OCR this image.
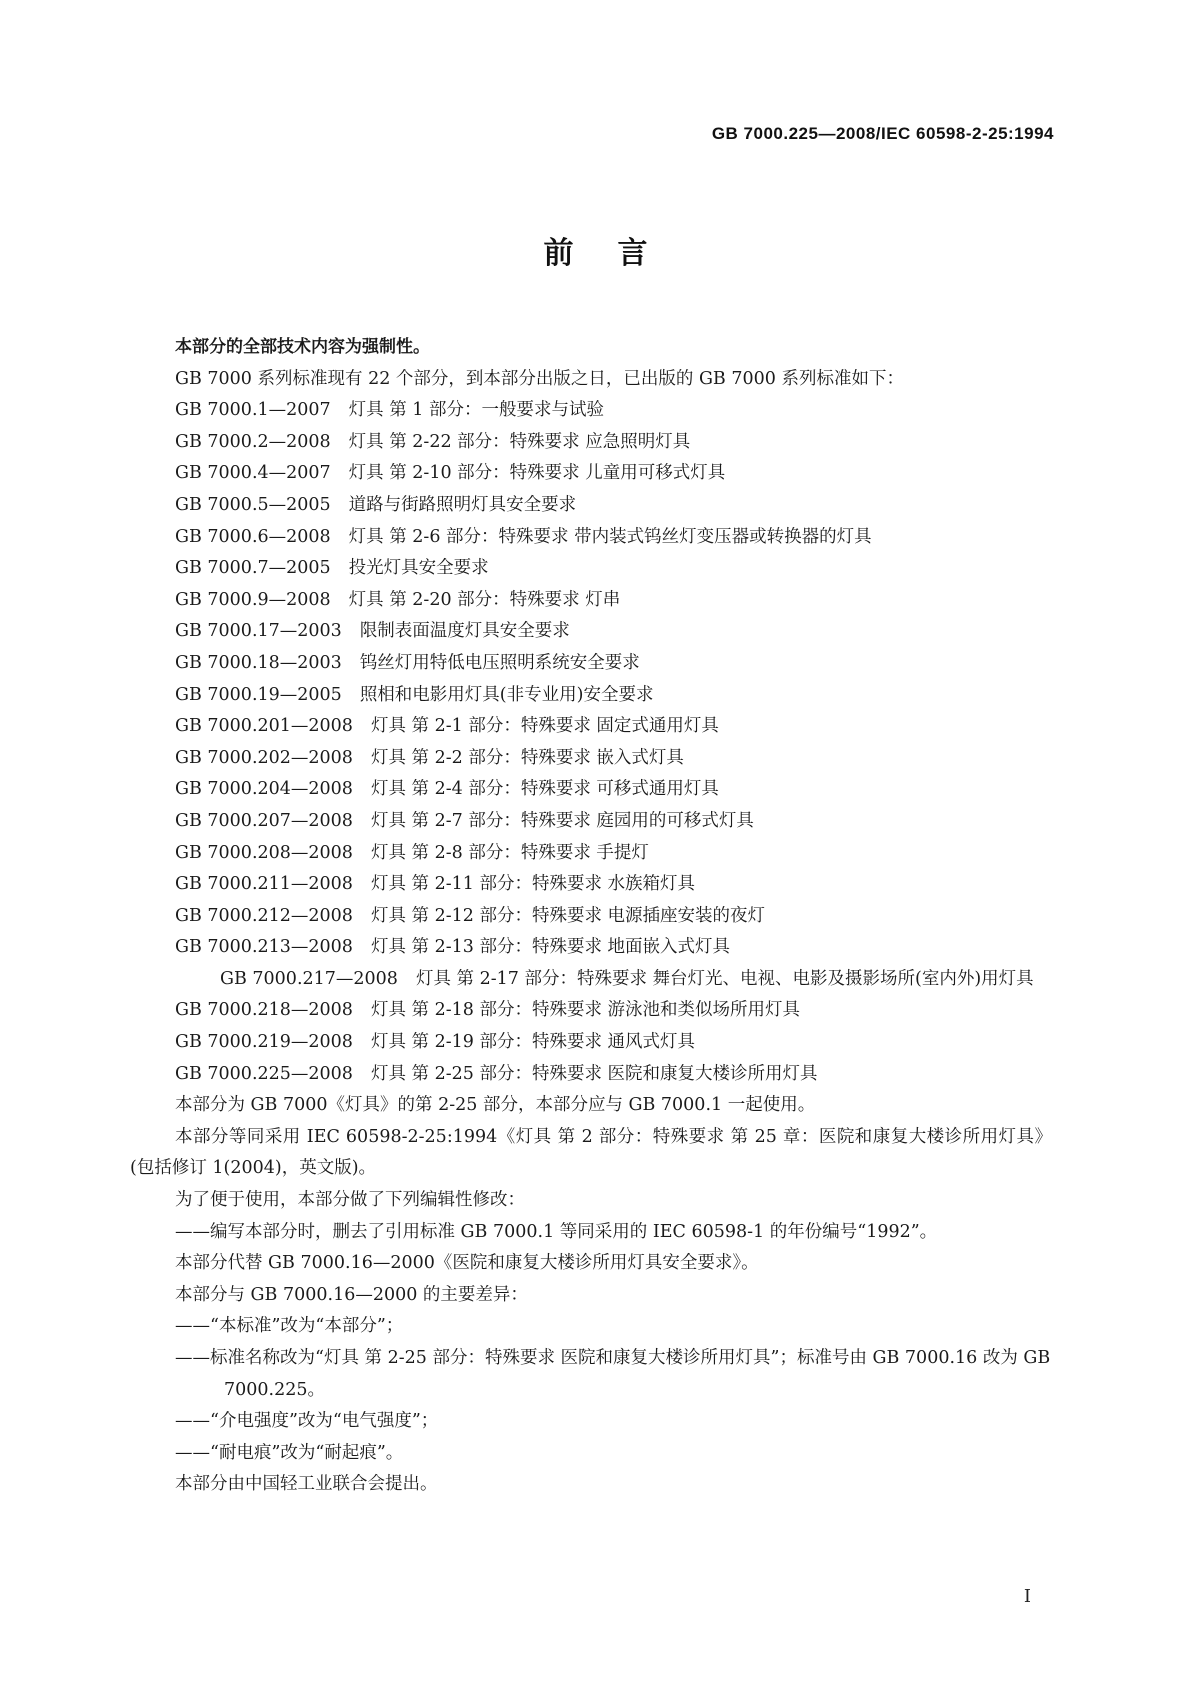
GB 7000.225—2008/IEC 60598-2-25:1994
前言

本部分的全部技术内容为强制性。

GB 7000 系列标准现有 22 个部分，到本部分出版之日，已出版的 GB 7000 系列标准如下：

GB 7000.1—2007 灯具 第 1 部分：一般要求与试验

GB 7000.2—2008 灯具 第 2-22 部分：特殊要求 应急照明灯具

GB 7000.4—2007 灯具 第 2-10 部分：特殊要求 儿童用可移式灯具

GB 7000.5—2005 道路与街路照明灯具安全要求

GB 7000.6—2008 灯具 第 2-6 部分：特殊要求 带内装式钨丝灯变压器或转换器的灯具

GB 7000.7—2005 投光灯具安全要求

GB 7000.9—2008 灯具 第 2-20 部分：特殊要求 灯串

GB 7000.17—2003 限制表面温度灯具安全要求

GB 7000.18—2003 钨丝灯用特低电压照明系统安全要求

GB 7000.19—2005 照相和电影用灯具(非专业用)安全要求

GB 7000.201—2008 灯具 第 2-1 部分：特殊要求 固定式通用灯具

GB 7000.202—2008 灯具 第 2-2 部分：特殊要求 嵌入式灯具

GB 7000.204—2008 灯具 第 2-4 部分：特殊要求 可移式通用灯具

GB 7000.207—2008 灯具 第 2-7 部分：特殊要求 庭园用的可移式灯具

GB 7000.208—2008 灯具 第 2-8 部分：特殊要求 手提灯

GB 7000.211—2008 灯具 第 2-11 部分：特殊要求 水族箱灯具

GB 7000.212—2008 灯具 第 2-12 部分：特殊要求 电源插座安装的夜灯

GB 7000.213—2008 灯具 第 2-13 部分：特殊要求 地面嵌入式灯具

GB 7000.217—2008 灯具 第 2-17 部分：特殊要求 舞台灯光、电视、电影及摄影场所(室内外)用灯具

GB 7000.218—2008 灯具 第 2-18 部分：特殊要求 游泳池和类似场所用灯具

GB 7000.219—2008 灯具 第 2-19 部分：特殊要求 通风式灯具

GB 7000.225—2008 灯具 第 2-25 部分：特殊要求 医院和康复大楼诊所用灯具

本部分为 GB 7000《灯具》的第 2-25 部分，本部分应与 GB 7000.1 一起使用。

本部分等同采用 IEC 60598-2-25:1994《灯具 第 2 部分：特殊要求 第 25 章：医院和康复大楼诊所用灯具》(包括修订 1(2004)，英文版)。

为了便于使用，本部分做了下列编辑性修改：

——编写本部分时，删去了引用标准 GB 7000.1 等同采用的 IEC 60598-1 的年份编号“1992”。

本部分代替 GB 7000.16—2000《医院和康复大楼诊所用灯具安全要求》。

本部分与 GB 7000.16—2000 的主要差异：

——“本标准”改为“本部分”；

——标准名称改为“灯具 第 2-25 部分：特殊要求 医院和康复大楼诊所用灯具”；标准号由 GB 7000.16 改为 GB 7000.225。

——“介电强度”改为“电气强度”；

——“耐电痕”改为“耐起痕”。

本部分由中国轻工业联合会提出。

I
